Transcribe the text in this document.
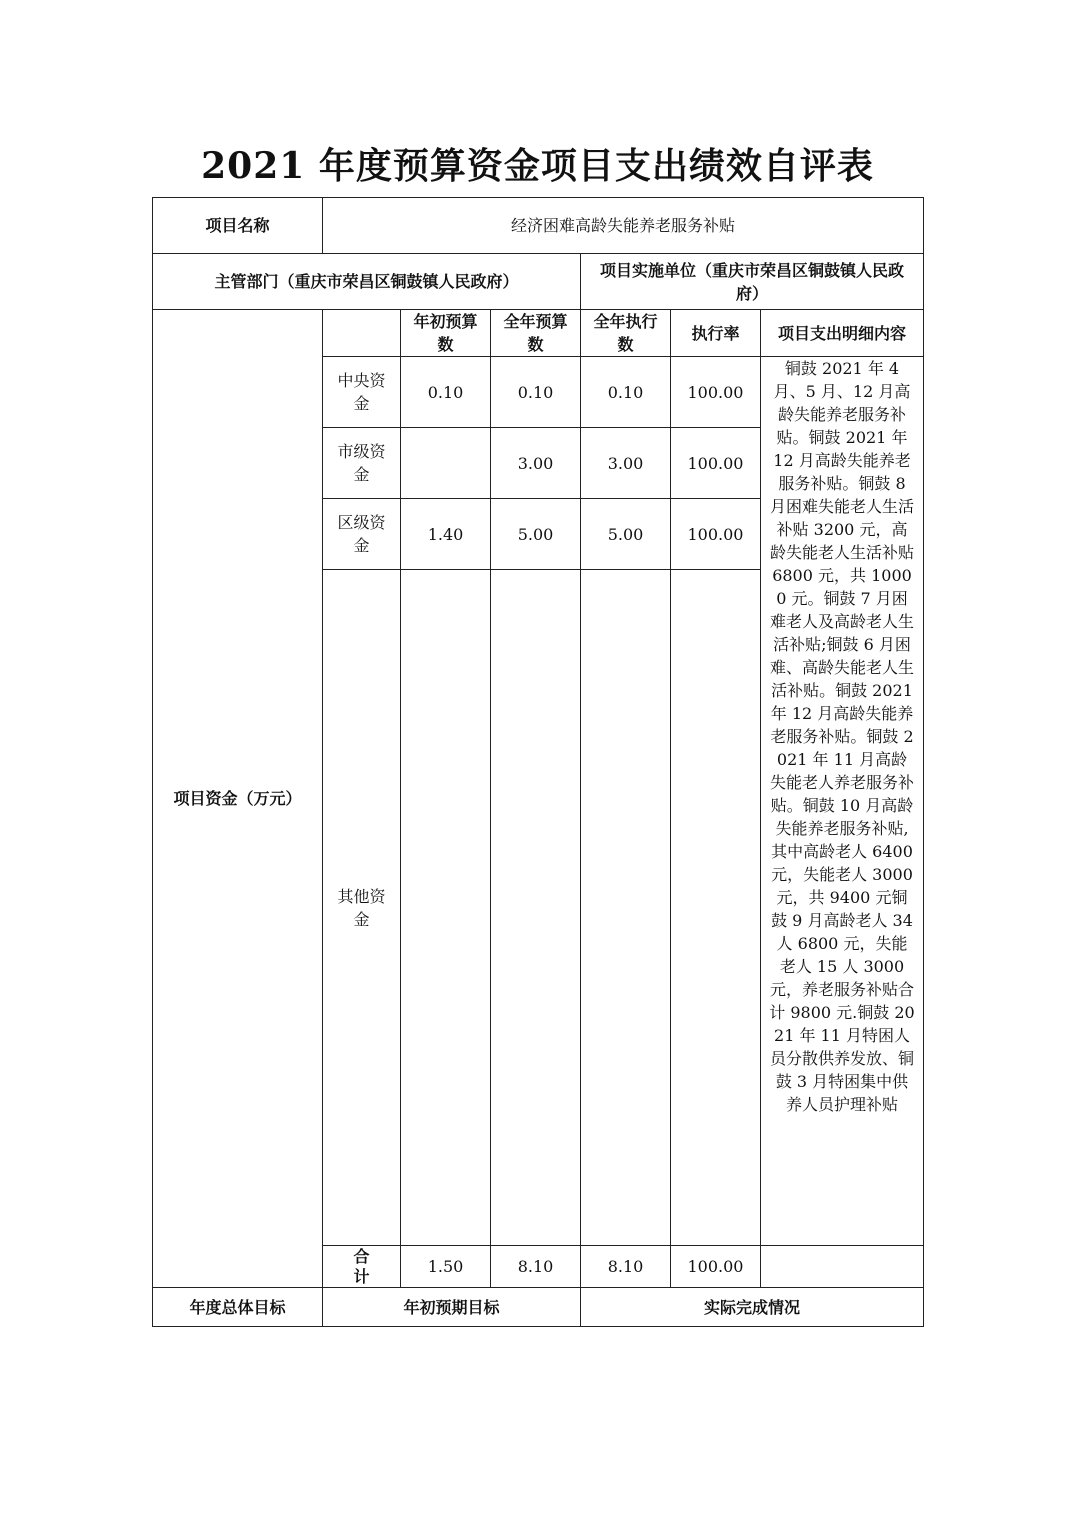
2021 年度预算资金项目支出绩效自评表
项目名称	经济困难高龄失能养老服务补贴					
主管部门（重庆市荣昌区铜鼓镇人民政府）				项目实施单位（重庆市荣昌区铜鼓镇人民政府）		
项目资金（万元）		年初预算数	全年预算数	全年执行数	执行率	项目支出明细内容
	中央资金	0.10	0.10	0.10	100.00	铜鼓 2021 年 4 月、5 月、12 月高龄失能养老服务补贴。铜鼓 2021 年 12 月高龄失能养老服务补贴。铜鼓 8 月困难失能老人生活补贴 3200 元，高龄失能老人生活补贴 6800 元，共 10000 元。铜鼓 7 月困难老人及高龄老人生活补贴;铜鼓 6 月困难、高龄失能老人生活补贴。铜鼓 2021 年 12 月高龄失能养老服务补贴。铜鼓 2021 年 11 月高龄失能老人养老服务补贴。铜鼓 10 月高龄失能养老服务补贴,其中高龄老人 6400 元，失能老人 3000 元，共 9400 元铜鼓 9 月高龄老人 34 人 6800 元，失能老人 15 人 3000 元，养老服务补贴合计 9800 元.铜鼓 2021 年 11 月特困人员分散供养发放、铜鼓 3 月特困集中供养人员护理补贴
	市级资金		3.00	3.00	100.00	
	区级资金	1.40	5.00	5.00	100.00	
	其他资金					
	合计	1.50	8.10	8.10	100.00	
年度总体目标	年初预期目标			实际完成情况		
